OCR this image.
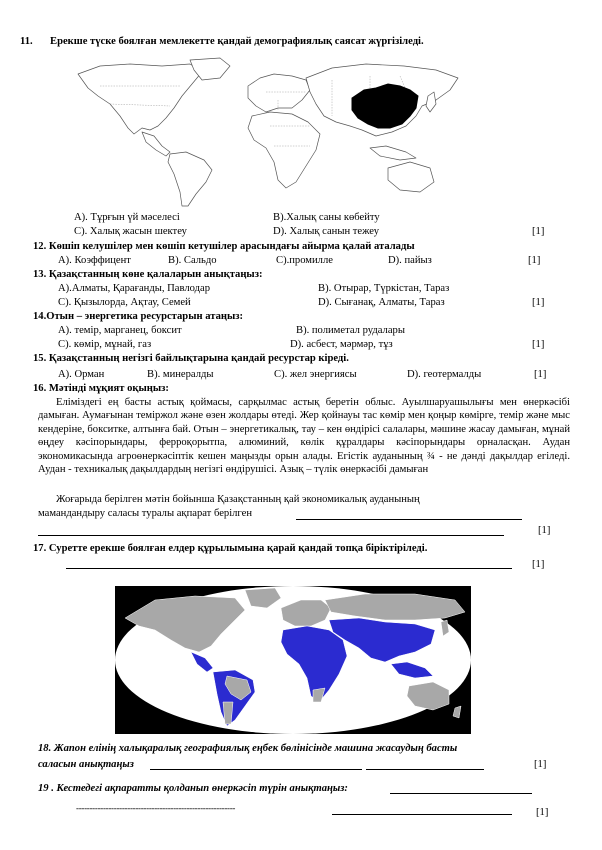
11. Ерекше түске боялған мемлекетте қандай демографиялық саясат жүргізіледі.
А). Тұрғын үй мәселесі	В).Халық саны көбейту
С). Халық жасын шектеу	D). Халық санын тежеу	[1]
12. Көшіп келушілер мен көшіп кетушілер арасындағы айырма қалай аталады
А). Коэффицент	В). Сальдо	С).промилле	D). пайыз	[1]
13. Қазақстанның көне қалаларын анықтаңыз:
А).Алматы, Қарағанды, Павлодар	В). Отырар, Түркістан, Тараз
С). Қызылорда, Ақтау, Семей	D). Сығанақ, Алматы, Тараз	[1]
14.Отын – энергетика ресурстарын атаңыз:
А). темір, марганец, боксит	В). полиметал рудалары
С). көмір, мұнай, газ	D). асбест, мәрмәр, тұз	[1]
15. Қазақстанның негізгі байлықтарына қандай ресурстар кіреді.
А). Орман	В). минералды	С). жел энергиясы	D). геотермалды	[1]
16. Мәтінді мұқият оқыңыз:
Еліміздегі ең басты астық қоймасы, сарқылмас астық беретін облыс. Ауылшаруашылығы мен өнеркәсібі дамыған. Аумағынан теміржол және өзен жолдары өтеді. Жер қойнауы тас көмір мен қоңыр көмірге, темір және мыс кендеріне, бокситке, алтынға бай. Отын – энергетикалық, тау – кен өндірісі салалары, мәшине жасау дамыған, мұнай өңдеу кәсіпорындары, ферроқорытпа, алюминий, көлік құралдары кәсіпорындары орналасқан. Аудан экономикасында агроөнеркәсіптік кешен маңызды орын алады. Егістік ауданының ¾ - не дәнді дақылдар егіледі. Аудан - техникалық дақылдардың негізгі өндірушісі. Азық – түлік өнеркәсібі дамыған
Жоғарыда берілген мәтін бойынша Қазақстанның қай экономикалық ауданының
мамандандыру саласы туралы ақпарат берілген
[1]
17. Суретте ерекше боялған елдер құрылымына қарай қандай топқа біріктіріледі.
[1]
18. Жапон елінің халықаралық географиялық еңбек бөлінісінде машина жасаудың басты
саласын анықтаңыз	[1]
19 . Кестедегі ақпаратты қолданып өнеркәсіп түрін анықтаңыз:
-----------------------------------------------------------	[1]
